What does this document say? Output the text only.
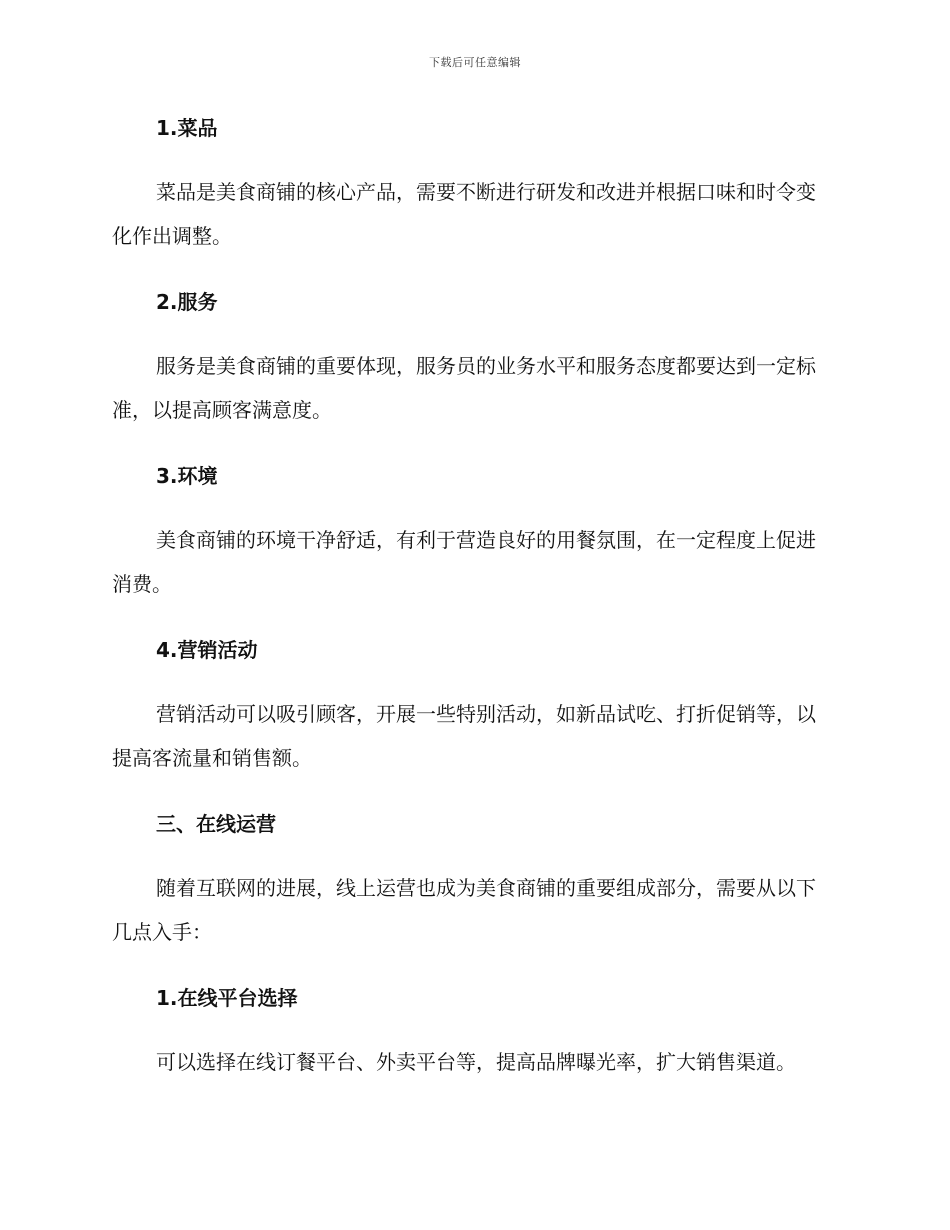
下载后可任意编辑
1.菜品

菜品是美食商铺的核心产品，需要不断进行研发和改进并根据口味和时令变化作出调整。

2.服务

服务是美食商铺的重要体现，服务员的业务水平和服务态度都要达到一定标准，以提高顾客满意度。

3.环境

美食商铺的环境干净舒适，有利于营造良好的用餐氛围，在一定程度上促进消费。

4.营销活动

营销活动可以吸引顾客，开展一些特别活动，如新品试吃、打折促销等，以提高客流量和销售额。

三、在线运营

随着互联网的进展，线上运营也成为美食商铺的重要组成部分，需要从以下几点入手：

1.在线平台选择

可以选择在线订餐平台、外卖平台等，提高品牌曝光率，扩大销售渠道。
